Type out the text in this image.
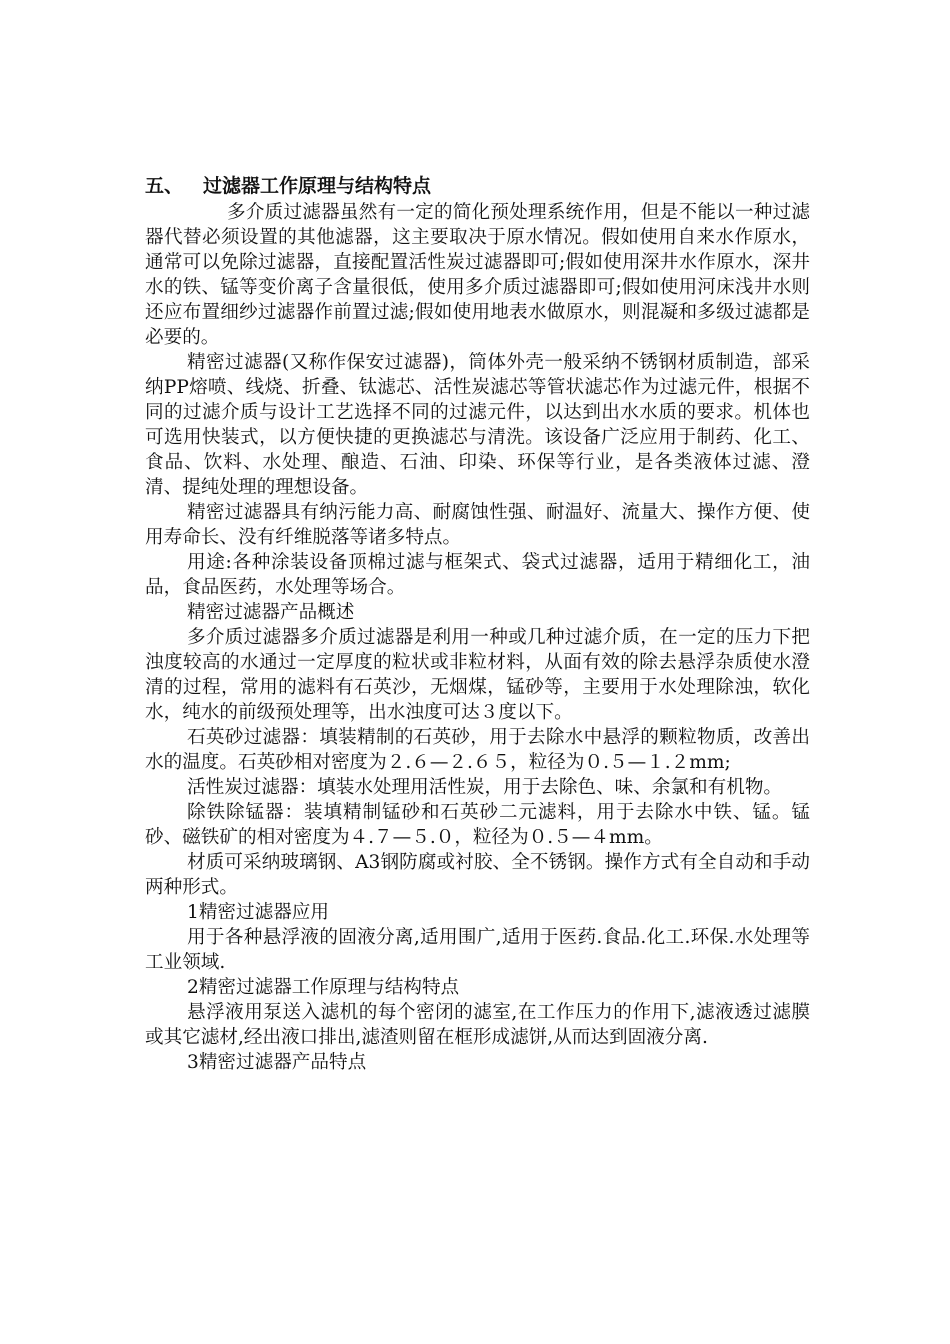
五、 过滤器工作原理与结构特点

多介质过滤器虽然有一定的简化预处理系统作用，但是不能以一种过滤器代替必须设置的其他滤器，这主要取决于原水情况。假如使用自来水作原水，通常可以免除过滤器，直接配置活性炭过滤器即可;假如使用深井水作原水，深井水的铁、锰等变价离子含量很低，使用多介质过滤器即可;假如使用河床浅井水则还应布置细纱过滤器作前置过滤;假如使用地表水做原水，则混凝和多级过滤都是必要的。

精密过滤器(又称作保安过滤器)，筒体外壳一般采纳不锈钢材质制造，部采纳PP熔喷、线烧、折叠、钛滤芯、活性炭滤芯等管状滤芯作为过滤元件，根据不同的过滤介质与设计工艺选择不同的过滤元件，以达到出水水质的要求。机体也可选用快装式，以方便快捷的更换滤芯与清洗。该设备广泛应用于制药、化工、食品、饮料、水处理、酿造、石油、印染、环保等行业，是各类液体过滤、澄清、提纯处理的理想设备。

精密过滤器具有纳污能力高、耐腐蚀性强、耐温好、流量大、操作方便、使用寿命长、没有纤维脱落等诸多特点。

用途:各种涂装设备顶棉过滤与框架式、袋式过滤器，适用于精细化工，油品，食品医药，水处理等场合。

精密过滤器产品概述

多介质过滤器多介质过滤器是利用一种或几种过滤介质，在一定的压力下把浊度较高的水通过一定厚度的粒状或非粒材料，从面有效的除去悬浮杂质使水澄清的过程，常用的滤料有石英沙，无烟煤，锰砂等，主要用于水处理除浊，软化水，纯水的前级预处理等，出水浊度可达３度以下。

石英砂过滤器：填装精制的石英砂，用于去除水中悬浮的颗粒物质，改善出水的温度。石英砂相对密度为２.６—２.６５，粒径为０.５—１.２mm;

活性炭过滤器：填装水处理用活性炭，用于去除色、味、余氯和有机物。

除铁除锰器：装填精制锰砂和石英砂二元滤料，用于去除水中铁、锰。锰砂、磁铁矿的相对密度为４.７—５.０，粒径为０.５—４mm。

材质可采纳玻璃钢、A3钢防腐或衬胶、全不锈钢。操作方式有全自动和手动两种形式。

1精密过滤器应用

用于各种悬浮液的固液分离,适用围广,适用于医药.食品.化工.环保.水处理等工业领域.

2精密过滤器工作原理与结构特点

悬浮液用泵送入滤机的每个密闭的滤室,在工作压力的作用下,滤液透过滤膜或其它滤材,经出液口排出,滤渣则留在框形成滤饼,从而达到固液分离.

3精密过滤器产品特点
